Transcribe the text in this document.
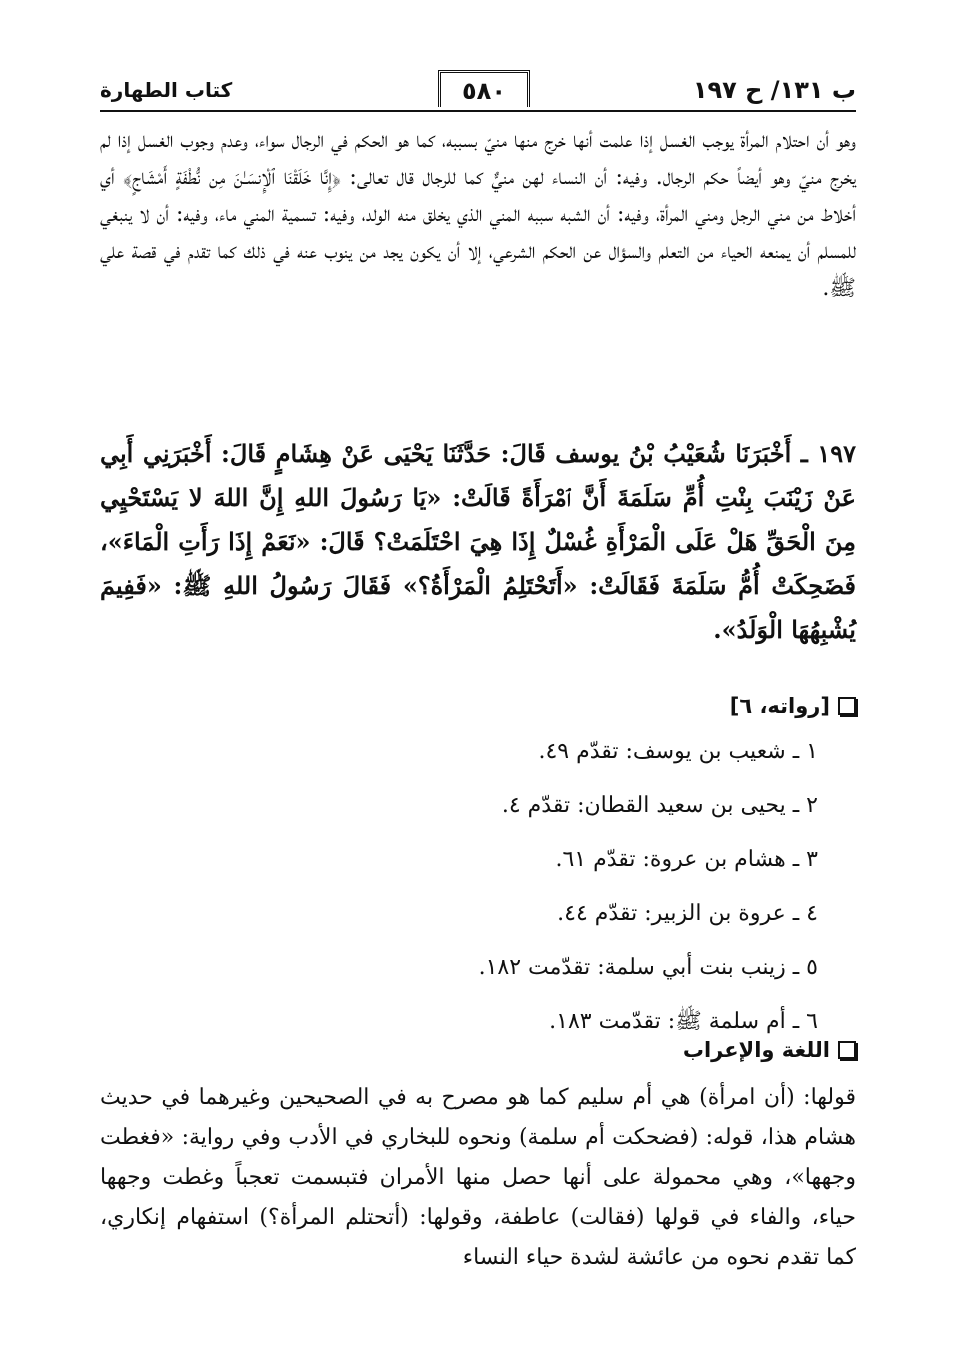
ب ١٣١/ ح ١٩٧
٥٨٠
كتاب الطهارة
وهو أن احتلام المرأة يوجب الغسل إذا علمت أنها خرج منها منيّ بسببه، كما هو الحكم في الرجال سواء، وعدم وجوب الغسل إذا لم يخرج منيّ وهو أيضاً حكم الرجال. وفيه: أن النساء لهن منيٌّ كما للرجال قال تعالى: ﴿إِنَّا خَلَقْنَا ٱلْإِنسَـٰنَ مِن نُّطْفَةٍ أَمْشَاجٍ﴾ أي أخلاط من مني الرجل ومني المرأة، وفيه: أن الشبه سببه المني الذي يخلق منه الولد، وفيه: تسمية المني ماء، وفيه: أن لا ينبغي للمسلم أن يمنعه الحياء من التعلم والسؤال عن الحكم الشرعي، إلا أن يكون يجد من ينوب عنه في ذلك كما تقدم في قصة علي ﷺ.
١٩٧ ـ أَخْبَرَنَا شُعَيْبُ بْنُ يوسف قَالَ: حَدَّثَنَا يَحْيَى عَنْ هِشَامٍ قَالَ: أَخْبَرَنِي أَبِي عَنْ زَيْنَبَ بِنْتِ أُمِّ سَلَمَةَ أَنَّ ٱمْرَأَةً قَالَتْ: «يَا رَسُولَ اللهِ إِنَّ اللهَ لا يَسْتَحْيِي مِنَ الْحَقِّ هَلْ عَلَى الْمَرْأَةِ غُسْلٌ إِذَا هِيَ احْتَلَمَتْ؟ قَالَ: «نَعَمْ إِذَا رَأَتِ الْمَاءَ»، فَضَحِكَتْ أُمُّ سَلَمَةَ فَقَالَتْ: «أَتَحْتَلِمُ الْمَرْأَةُ؟» فَقَالَ رَسُولُ اللهِ ﷺ: «فَفِيمَ يُشْبِهُهَا الْوَلَدُ».
[رواته، ٦]
١ ـ شعيب بن يوسف: تقدّم ٤٩.
٢ ـ يحيى بن سعيد القطان: تقدّم ٤.
٣ ـ هشام بن عروة: تقدّم ٦١.
٤ ـ عروة بن الزبير: تقدّم ٤٤.
٥ ـ زينب بنت أبي سلمة: تقدّمت ١٨٢.
٦ ـ أم سلمة ﷺ: تقدّمت ١٨٣.
اللغة والإعراب
قولها: (أن امرأة) هي أم سليم كما هو مصرح به في الصحيحين وغيرهما في حديث هشام هذا، قوله: (فضحكت أم سلمة) ونحوه للبخاري في الأدب وفي رواية: «فغطت وجهها»، وهي محمولة على أنها حصل منها الأمران فتبسمت تعجباً وغطت وجهها حياء، والفاء في قولها (فقالت) عاطفة، وقولها: (أتحتلم المرأة؟) استفهام إنكاري، كما تقدم نحوه من عائشة لشدة حياء النساء
